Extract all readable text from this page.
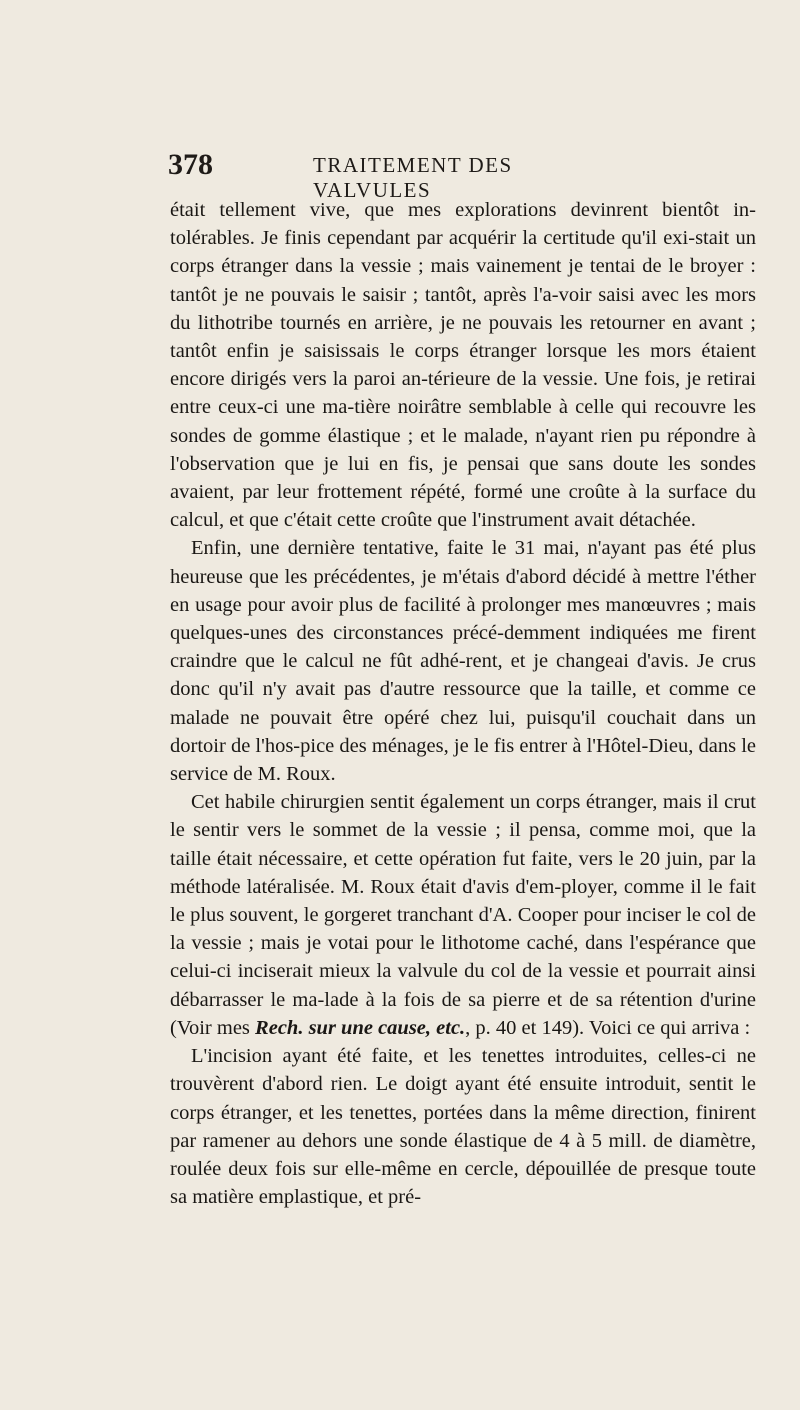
378	TRAITEMENT DES VALVULES

était tellement vive, que mes explorations devinrent bientôt in-tolérables. Je finis cependant par acquérir la certitude qu'il exi-stait un corps étranger dans la vessie ; mais vainement je tentai de le broyer : tantôt je ne pouvais le saisir ; tantôt, après l'a-voir saisi avec les mors du lithotribe tournés en arrière, je ne pouvais les retourner en avant ; tantôt enfin je saisissais le corps étranger lorsque les mors étaient encore dirigés vers la paroi an-térieure de la vessie. Une fois, je retirai entre ceux-ci une ma-tière noirâtre semblable à celle qui recouvre les sondes de gomme élastique ; et le malade, n'ayant rien pu répondre à l'observation que je lui en fis, je pensai que sans doute les sondes avaient, par leur frottement répété, formé une croûte à la surface du calcul, et que c'était cette croûte que l'instrument avait détachée.

Enfin, une dernière tentative, faite le 31 mai, n'ayant pas été plus heureuse que les précédentes, je m'étais d'abord décidé à mettre l'éther en usage pour avoir plus de facilité à prolonger mes manœuvres ; mais quelques-unes des circonstances précé-demment indiquées me firent craindre que le calcul ne fût adhé-rent, et je changeai d'avis. Je crus donc qu'il n'y avait pas d'autre ressource que la taille, et comme ce malade ne pouvait être opéré chez lui, puisqu'il couchait dans un dortoir de l'hos-pice des ménages, je le fis entrer à l'Hôtel-Dieu, dans le service de M. Roux.

Cet habile chirurgien sentit également un corps étranger, mais il crut le sentir vers le sommet de la vessie ; il pensa, comme moi, que la taille était nécessaire, et cette opération fut faite, vers le 20 juin, par la méthode latéralisée. M. Roux était d'avis d'em-ployer, comme il le fait le plus souvent, le gorgeret tranchant d'A. Cooper pour inciser le col de la vessie ; mais je votai pour le lithotome caché, dans l'espérance que celui-ci inciserait mieux la valvule du col de la vessie et pourrait ainsi débarrasser le ma-lade à la fois de sa pierre et de sa rétention d'urine (Voir mes Rech. sur une cause, etc., p. 40 et 149). Voici ce qui arriva :

L'incision ayant été faite, et les tenettes introduites, celles-ci ne trouvèrent d'abord rien. Le doigt ayant été ensuite introduit, sentit le corps étranger, et les tenettes, portées dans la même direction, finirent par ramener au dehors une sonde élastique de 4 à 5 mill. de diamètre, roulée deux fois sur elle-même en cercle, dépouillée de presque toute sa matière emplastique, et pré-
